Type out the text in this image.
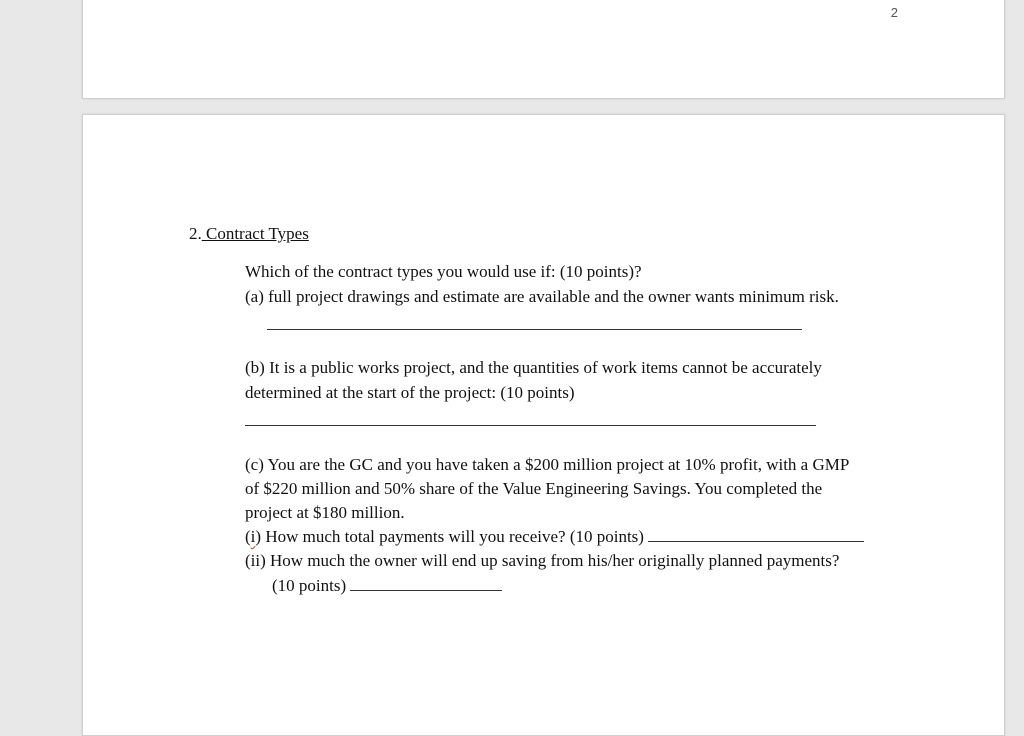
2
2. Contract Types
Which of the contract types you would use if: (10 points)?
(a) full project drawings and estimate are available and the owner wants minimum risk.
(b) It is a public works project, and the quantities of work items cannot be accurately
determined at the start of the project: (10 points)
(c) You are the GC and you have taken a $200 million project at 10% profit, with a GMP
of $220 million and 50% share of the Value Engineering Savings. You completed the
project at $180 million.
(i) How much total payments will you receive? (10 points)
(ii) How much the owner will end up saving from his/her originally planned payments?
(10 points)
